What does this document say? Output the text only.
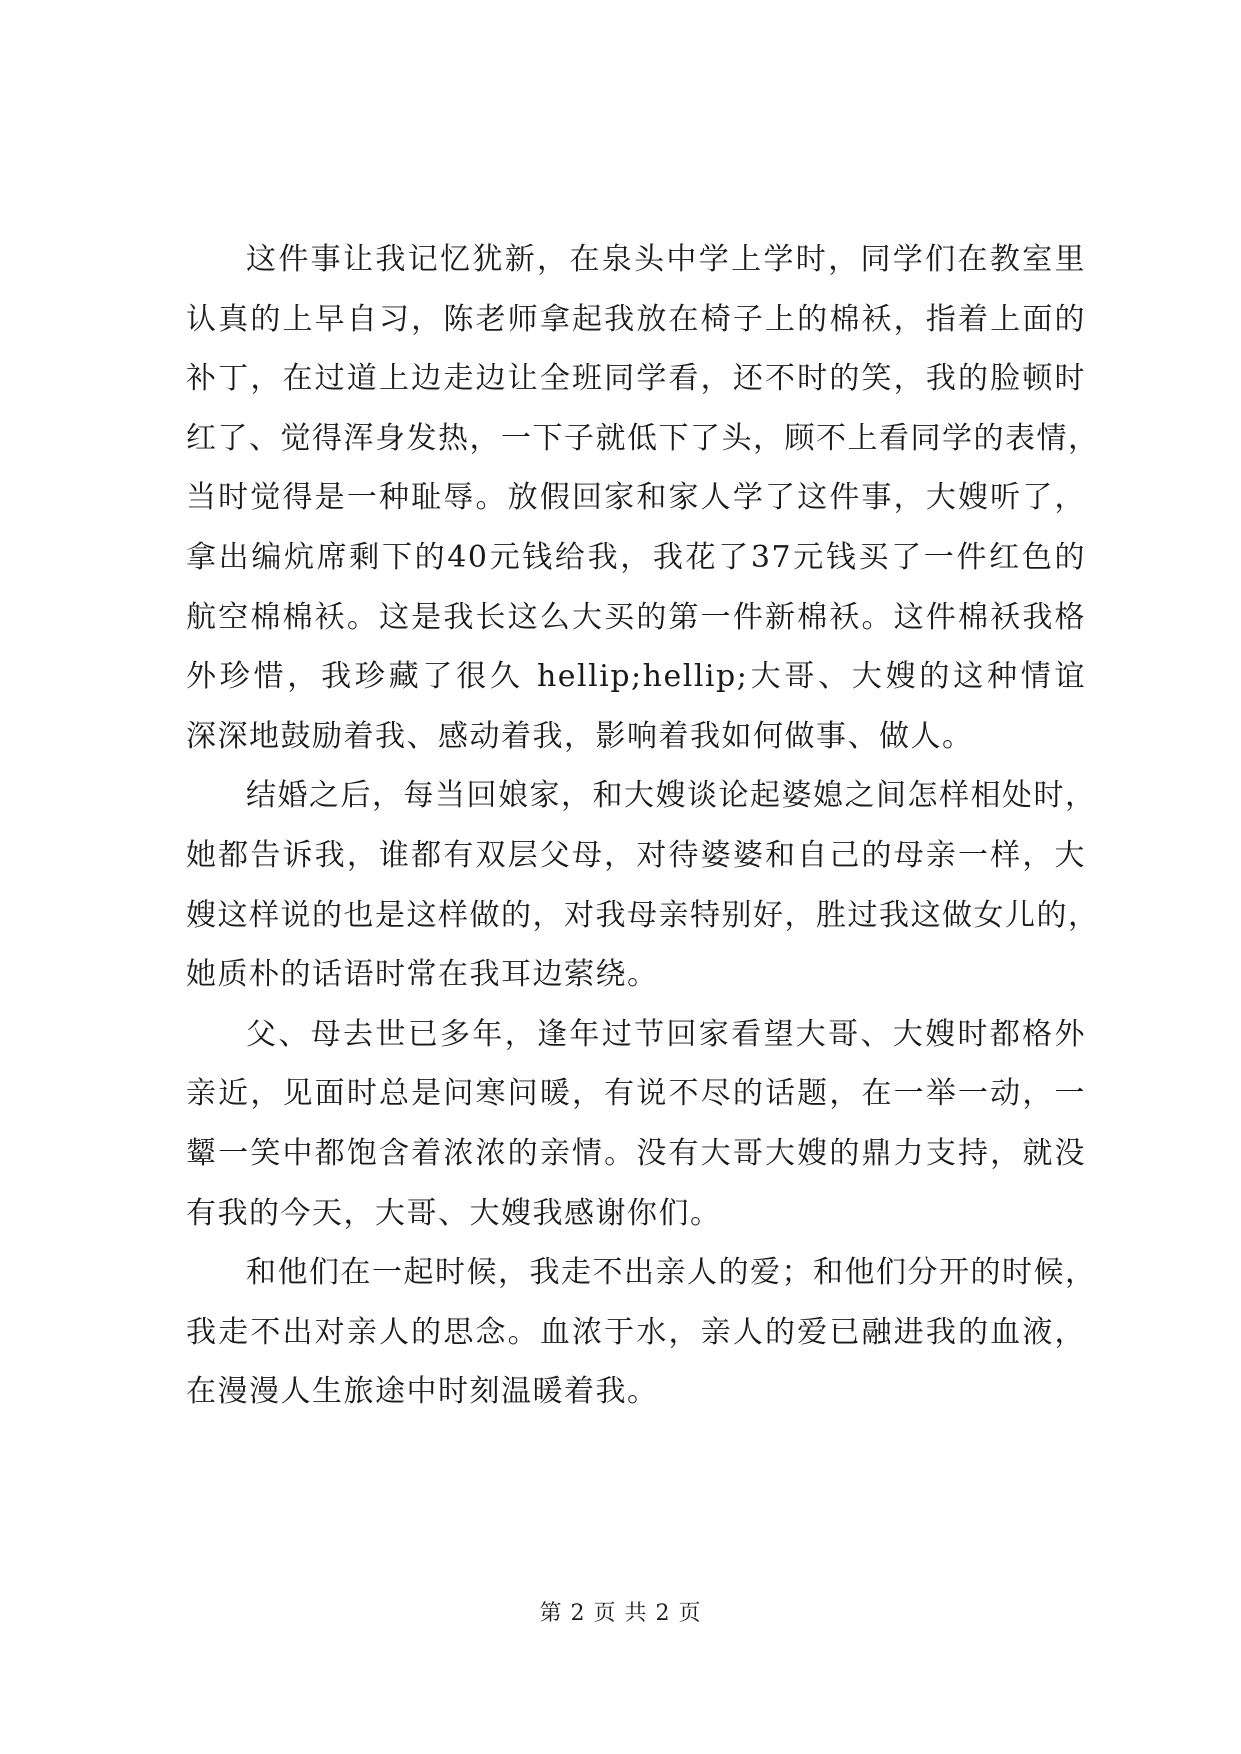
这件事让我记忆犹新，在泉头中学上学时，同学们在教室里
认真的上早自习，陈老师拿起我放在椅子上的棉袄，指着上面的
补丁，在过道上边走边让全班同学看，还不时的笑，我的脸顿时
红了、觉得浑身发热，一下子就低下了头，顾不上看同学的表情，
当时觉得是一种耻辱。放假回家和家人学了这件事，大嫂听了，
拿出编炕席剩下的40元钱给我，我花了37元钱买了一件红色的
航空棉棉袄。这是我长这么大买的第一件新棉袄。这件棉袄我格
外珍惜，我珍藏了很久 hellip;hellip;大哥、大嫂的这种情谊
深深地鼓励着我、感动着我，影响着我如何做事、做人。
结婚之后，每当回娘家，和大嫂谈论起婆媳之间怎样相处时，
她都告诉我，谁都有双层父母，对待婆婆和自己的母亲一样，大
嫂这样说的也是这样做的，对我母亲特别好，胜过我这做女儿的，
她质朴的话语时常在我耳边萦绕。
父、母去世已多年，逢年过节回家看望大哥、大嫂时都格外
亲近，见面时总是问寒问暖，有说不尽的话题，在一举一动，一
颦一笑中都饱含着浓浓的亲情。没有大哥大嫂的鼎力支持，就没
有我的今天，大哥、大嫂我感谢你们。
和他们在一起时候，我走不出亲人的爱；和他们分开的时候，
我走不出对亲人的思念。血浓于水，亲人的爱已融进我的血液，
在漫漫人生旅途中时刻温暖着我。
第 2 页 共 2 页
